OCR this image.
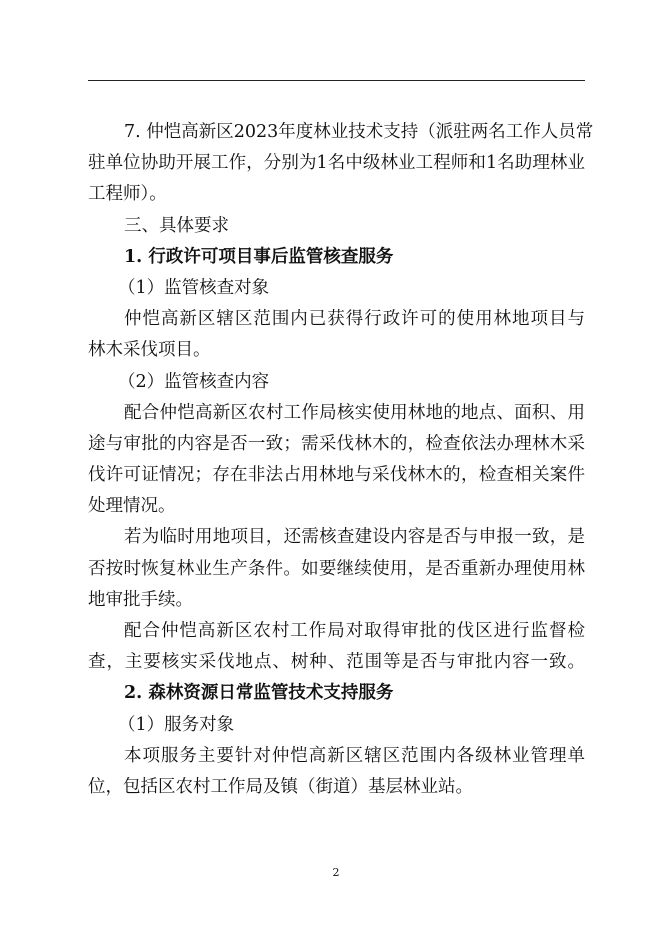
7. 仲恺高新区2023年度林业技术支持（派驻两名工作人员常
驻单位协助开展工作，分别为1名中级林业工程师和1名助理林业
工程师）。
三、具体要求
1. 行政许可项目事后监管核查服务
（1）监管核查对象
仲恺高新区辖区范围内已获得行政许可的使用林地项目与
林木采伐项目。
（2）监管核查内容
配合仲恺高新区农村工作局核实使用林地的地点、面积、用
途与审批的内容是否一致；需采伐林木的，检查依法办理林木采
伐许可证情况；存在非法占用林地与采伐林木的，检查相关案件
处理情况。
若为临时用地项目，还需核查建设内容是否与申报一致，是
否按时恢复林业生产条件。如要继续使用，是否重新办理使用林
地审批手续。
配合仲恺高新区农村工作局对取得审批的伐区进行监督检
查，主要核实采伐地点、树种、范围等是否与审批内容一致。
2. 森林资源日常监管技术支持服务
（1）服务对象
本项服务主要针对仲恺高新区辖区范围内各级林业管理单
位，包括区农村工作局及镇（街道）基层林业站。
2
